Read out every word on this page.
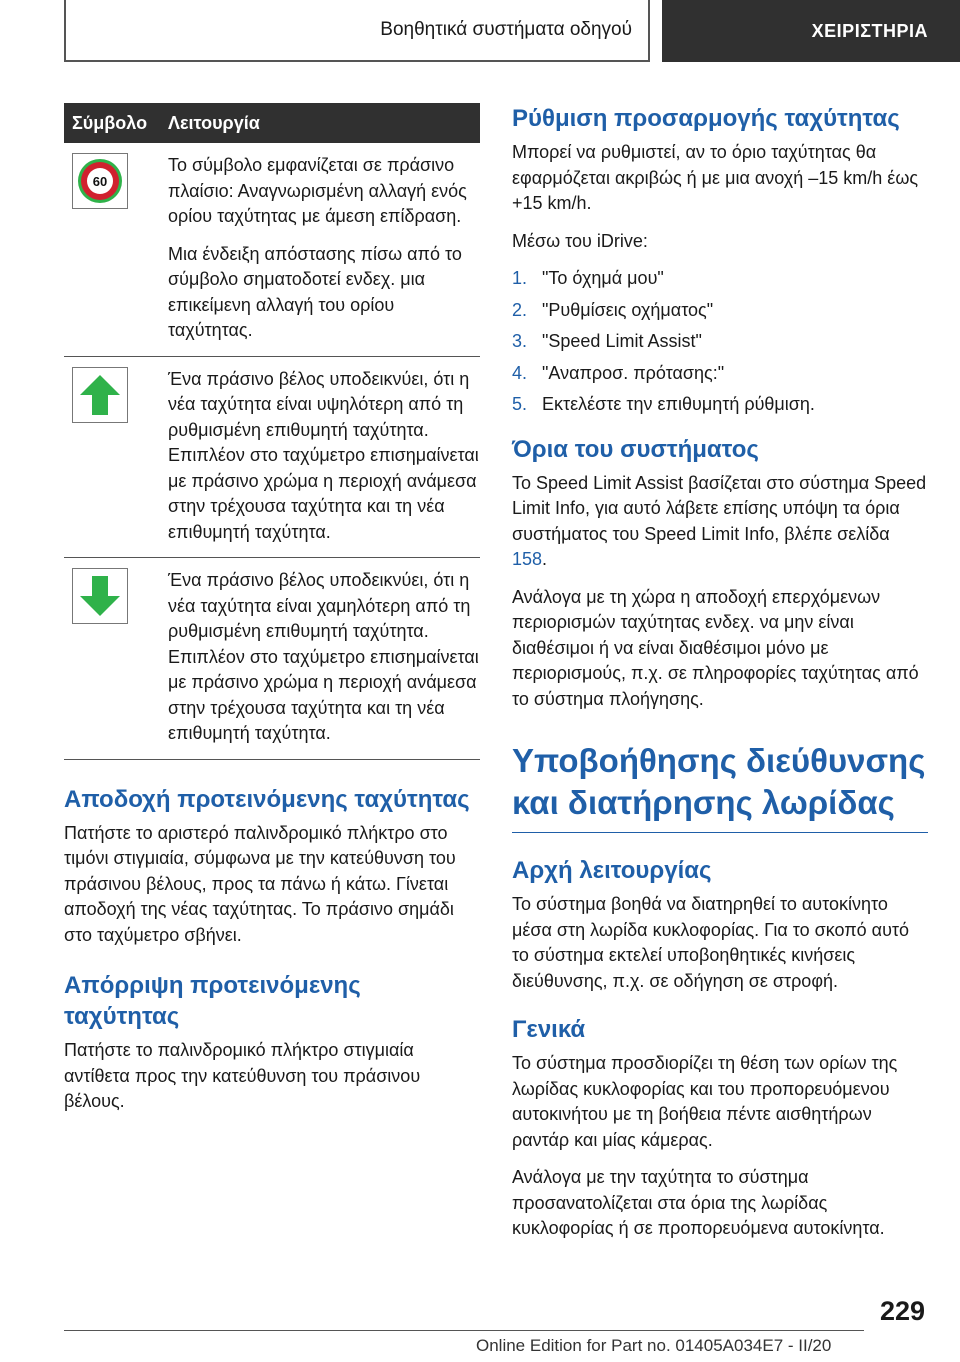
Βοηθητικά συστήματα οδηγού	ΧΕΙΡΙΣΤΗΡΙΑ
Σύμβολο	Λειτουργία
60

Το σύμβολο εμφανίζεται σε πράσινο πλαίσιο: Αναγνωρισμένη αλλαγή ενός ορίου ταχύτητας με άμεση επίδραση.

Μια ένδειξη απόστασης πίσω από το σύμβολο σηματοδοτεί ενδεχ. μια επικείμενη αλλαγή του ορίου ταχύτητας.

Ένα πράσινο βέλος υποδεικνύει, ότι η νέα ταχύτητα είναι υψηλότερη από τη ρυθμισμένη επιθυμητή ταχύτητα. Επιπλέον στο ταχύμετρο επισημαίνεται με πράσινο χρώμα η περιοχή ανάμεσα στην τρέχουσα ταχύτητα και τη νέα επιθυμητή ταχύτητα.

Ένα πράσινο βέλος υποδεικνύει, ότι η νέα ταχύτητα είναι χαμηλότερη από τη ρυθμισμένη επιθυμητή ταχύτητα. Επιπλέον στο ταχύμετρο επισημαίνεται με πράσινο χρώμα η περιοχή ανάμεσα στην τρέχουσα ταχύτητα και τη νέα επιθυμητή ταχύτητα.

Αποδοχή προτεινόμενης ταχύτητας

Πατήστε το αριστερό παλινδρομικό πλήκτρο στο τιμόνι στιγμιαία, σύμφωνα με την κατεύθυνση του πράσινου βέλους, προς τα πάνω ή κάτω. Γίνεται αποδοχή της νέας ταχύτητας. Το πράσινο σημάδι στο ταχύμετρο σβήνει.

Απόρριψη προτεινόμενης ταχύτητας

Πατήστε το παλινδρομικό πλήκτρο στιγμιαία αντίθετα προς την κατεύθυνση του πράσινου βέλους.

Ρύθμιση προσαρμογής ταχύτητας

Μπορεί να ρυθμιστεί, αν το όριο ταχύτητας θα εφαρμόζεται ακριβώς ή με μια ανοχή –15 km/h έως +15 km/h.

Μέσω του iDrive:

1. "Το όχημά μου"
2. "Ρυθμίσεις οχήματος"
3. "Speed Limit Assist"
4. "Αναπροσ. πρότασης:"
5. Εκτελέστε την επιθυμητή ρύθμιση.
Όρια του συστήματος

Το Speed Limit Assist βασίζεται στο σύστημα Speed Limit Info, για αυτό λάβετε επίσης υπόψη τα όρια συστήματος του Speed Limit Info, βλέπε σελίδα 158.

Ανάλογα με τη χώρα η αποδοχή επερχόμενων περιορισμών ταχύτητας ενδεχ. να μην είναι διαθέσιμοι ή να είναι διαθέσιμοι μόνο με περιορισμούς, π.χ. σε πληροφορίες ταχύτητας από το σύστημα πλοήγησης.

Υποβοήθησης διεύθυνσης και διατήρησης λωρίδας
Αρχή λειτουργίας

Το σύστημα βοηθά να διατηρηθεί το αυτοκίνητο μέσα στη λωρίδα κυκλοφορίας. Για το σκοπό αυτό το σύστημα εκτελεί υποβοηθητικές κινήσεις διεύθυνσης, π.χ. σε οδήγηση σε στροφή.

Γενικά

Το σύστημα προσδιορίζει τη θέση των ορίων της λωρίδας κυκλοφορίας και του προπορευόμενου αυτοκινήτου με τη βοήθεια πέντε αισθητήρων ραντάρ και μίας κάμερας.

Ανάλογα με την ταχύτητα το σύστημα προσανατολίζεται στα όρια της λωρίδας κυκλοφορίας ή σε προπορευόμενα αυτοκίνητα.

229
Online Edition for Part no. 01405A034E7 - II/20
